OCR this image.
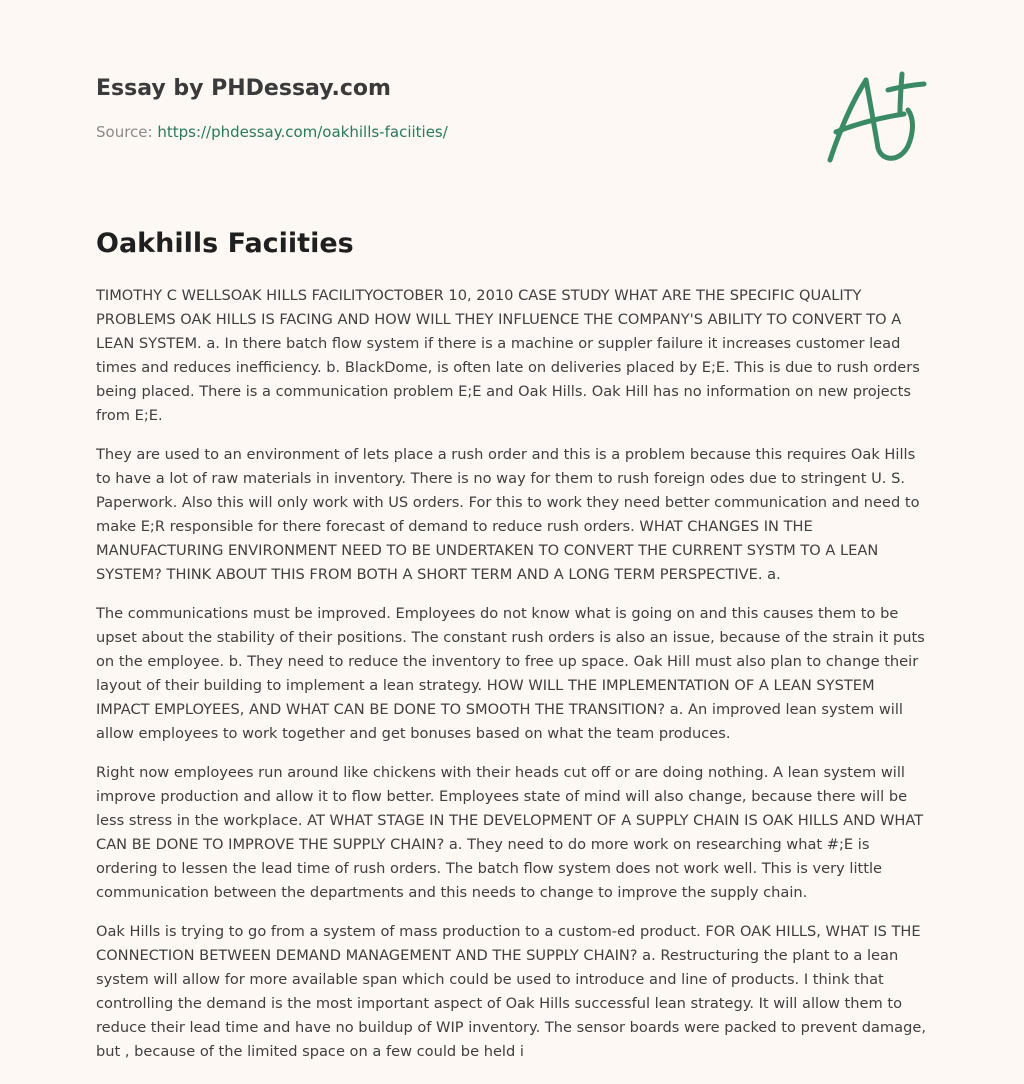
Essay by PHDessay.com
Source: https://phdessay.com/oakhills-faciities/
Oakhills Faciities

TIMOTHY C WELLSOAK HILLS FACILITYOCTOBER 10, 2010 CASE STUDY WHAT ARE THE SPECIFIC QUALITY PROBLEMS OAK HILLS IS FACING AND HOW WILL THEY INFLUENCE THE COMPANY'S ABILITY TO CONVERT TO A LEAN SYSTEM. a. In there batch flow system if there is a machine or suppler failure it increases customer lead times and reduces inefficiency. b. BlackDome, is often late on deliveries placed by E;E. This is due to rush orders being placed. There is a communication problem E;E and Oak Hills. Oak Hill has no information on new projects from E;E.

They are used to an environment of lets place a rush order and this is a problem because this requires Oak Hills to have a lot of raw materials in inventory. There is no way for them to rush foreign odes due to stringent U. S. Paperwork. Also this will only work with US orders. For this to work they need better communication and need to make E;R responsible for there forecast of demand to reduce rush orders. WHAT CHANGES IN THE MANUFACTURING ENVIRONMENT NEED TO BE UNDERTAKEN TO CONVERT THE CURRENT SYSTM TO A LEAN SYSTEM? THINK ABOUT THIS FROM BOTH A SHORT TERM AND A LONG TERM PERSPECTIVE. a.

The communications must be improved. Employees do not know what is going on and this causes them to be upset about the stability of their positions. The constant rush orders is also an issue, because of the strain it puts on the employee. b. They need to reduce the inventory to free up space. Oak Hill must also plan to change their layout of their building to implement a lean strategy. HOW WILL THE IMPLEMENTATION OF A LEAN SYSTEM IMPACT EMPLOYEES, AND WHAT CAN BE DONE TO SMOOTH THE TRANSITION? a. An improved lean system will allow employees to work together and get bonuses based on what the team produces.

Right now employees run around like chickens with their heads cut off or are doing nothing. A lean system will improve production and allow it to flow better. Employees state of mind will also change, because there will be less stress in the workplace. AT WHAT STAGE IN THE DEVELOPMENT OF A SUPPLY CHAIN IS OAK HILLS AND WHAT CAN BE DONE TO IMPROVE THE SUPPLY CHAIN? a. They need to do more work on researching what #;E is ordering to lessen the lead time of rush orders. The batch flow system does not work well. This is very little communication between the departments and this needs to change to improve the supply chain.

Oak Hills is trying to go from a system of mass production to a custom-ed product. FOR OAK HILLS, WHAT IS THE CONNECTION BETWEEN DEMAND MANAGEMENT AND THE SUPPLY CHAIN? a. Restructuring the plant to a lean system will allow for more available span which could be used to introduce and line of products. I think that controlling the demand is the most important aspect of Oak Hills successful lean strategy. It will allow them to reduce their lead time and have no buildup of WIP inventory. The sensor boards were packed to prevent damage, but , because of the limited space on a few could be held i
